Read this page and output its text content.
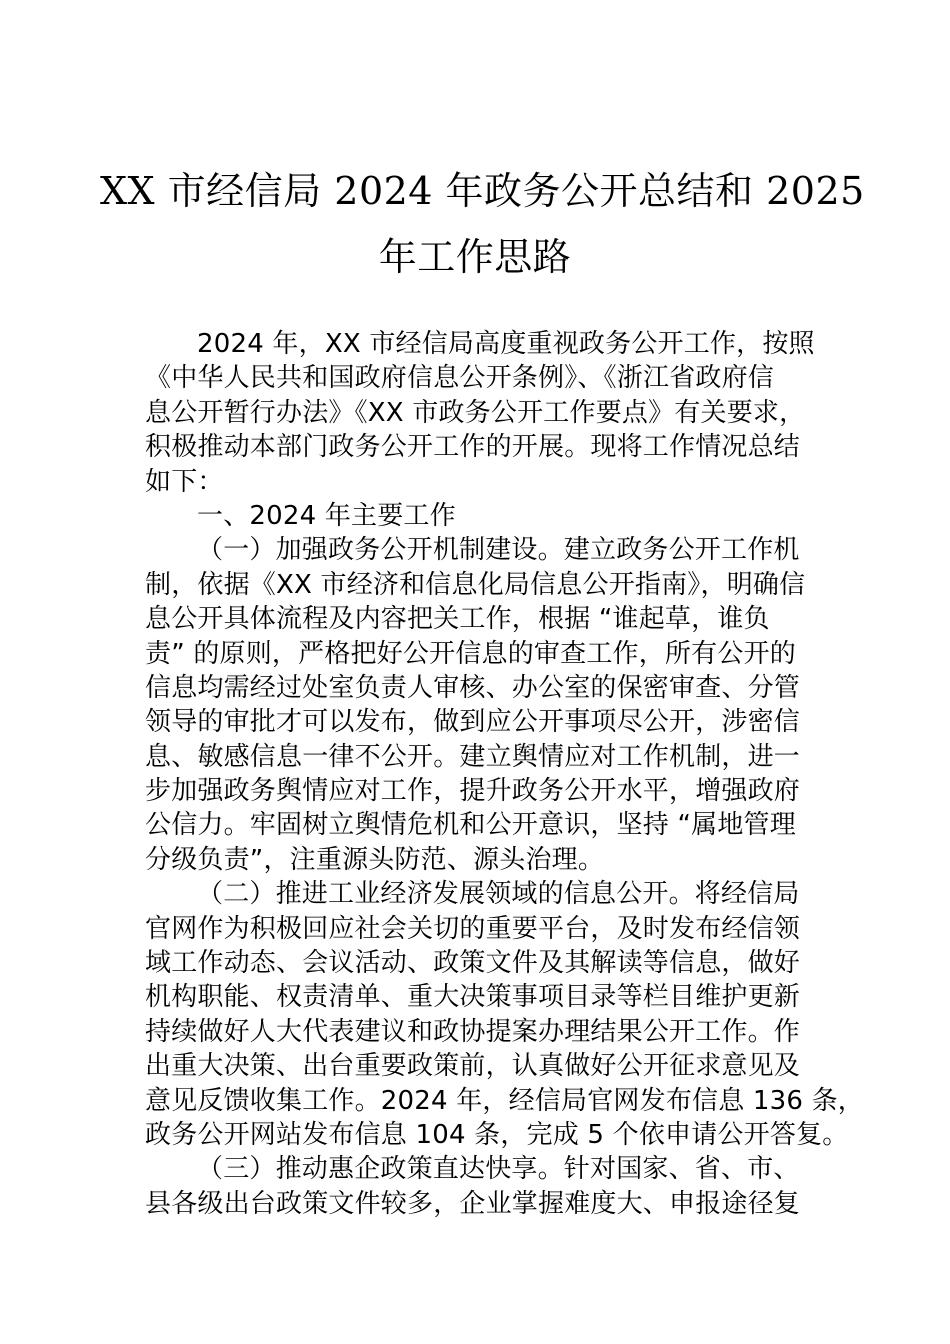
XX 市经信局 2024 年政务公开总结和 2025
年工作思路
2024 年，XX 市经信局高度重视政务公开工作，按照
《中华人民共和国政府信息公开条例》、《浙江省政府信
息公开暂行办法》《XX 市政务公开工作要点》有关要求，
积极推动本部门政务公开工作的开展。现将工作情况总结
如下：
一、2024 年主要工作
（一）加强政务公开机制建设。建立政务公开工作机
制，依据《XX 市经济和信息化局信息公开指南》，明确信
息公开具体流程及内容把关工作，根据 “谁起草，谁负
责” 的原则，严格把好公开信息的审查工作，所有公开的
信息均需经过处室负责人审核、办公室的保密审查、分管
领导的审批才可以发布，做到应公开事项尽公开，涉密信
息、敏感信息一律不公开。建立舆情应对工作机制，进一
步加强政务舆情应对工作，提升政务公开水平，增强政府
公信力。牢固树立舆情危机和公开意识，坚持 “属地管理
分级负责”，注重源头防范、源头治理。
（二）推进工业经济发展领域的信息公开。将经信局
官网作为积极回应社会关切的重要平台，及时发布经信领
域工作动态、会议活动、政策文件及其解读等信息，做好
机构职能、权责清单、重大决策事项目录等栏目维护更新
持续做好人大代表建议和政协提案办理结果公开工作。作
出重大决策、出台重要政策前，认真做好公开征求意见及
意见反馈收集工作。2024 年，经信局官网发布信息 136 条，
政务公开网站发布信息 104 条，完成 5 个依申请公开答复。
（三）推动惠企政策直达快享。针对国家、省、市、
县各级出台政策文件较多，企业掌握难度大、申报途径复
